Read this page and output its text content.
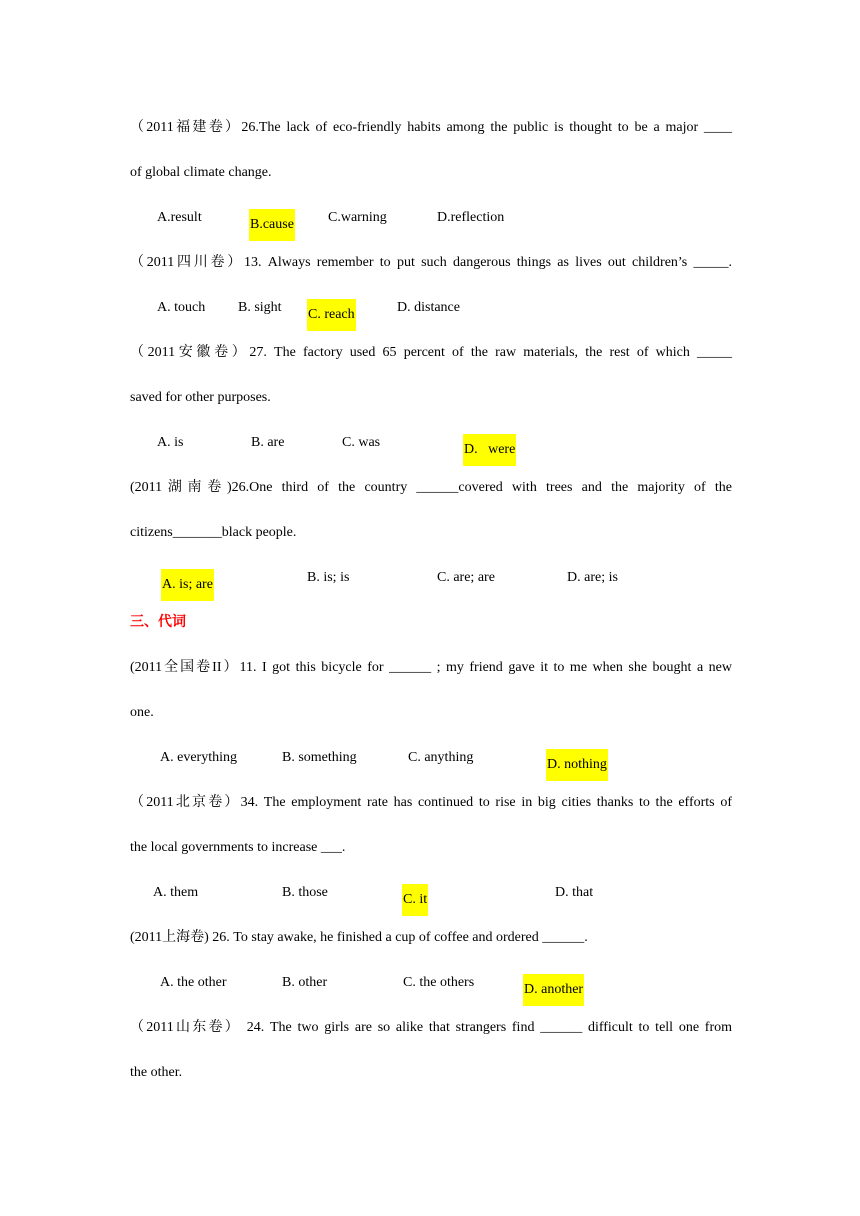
（2011福建卷）26.The lack of eco-friendly habits among the public is thought to be a major ____
of global climate change.
A.result	B.cause C.warning	D.reflection
（2011四川卷）13. Always remember to put such dangerous things as lives out children’s _____.
A. touch B. sight C. reach	D. distance
（2011安徽卷）27. The factory used 65 percent of the raw materials, the rest of which _____
saved for other purposes.
A. is	B. are	C. was	D.   were
(2011湖南卷)26.One third of the country ______covered with trees and the majority of the
citizens_______black people.
A. is; are	B. is; is	C. are; are	D. are; is
三、代词
(2011全国卷II）11. I got this bicycle for ______ ; my friend gave it to me when she bought a new
one.
A. everything	B. something	C. anything	D. nothing
（2011北京卷）34. The employment rate has continued to rise in big cities thanks to the efforts of
the local governments to increase ___.
A. them	B. those	C. it	D. that
(2011上海卷) 26. To stay awake, he finished a cup of coffee and ordered ______.
A. the other	B. other	C. the others	D. another
（2011山东卷） 24. The two girls are so alike that strangers find ______ difficult to tell one from
the other.
